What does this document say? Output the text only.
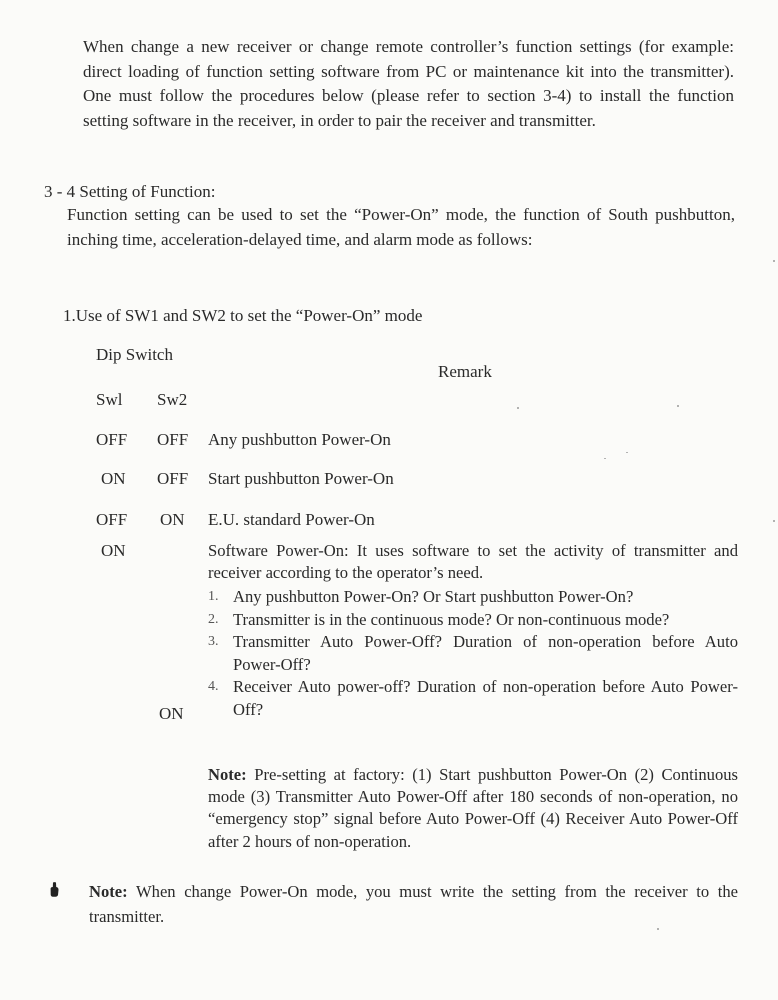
When change a new receiver or change remote controller’s function settings (for example: direct loading of function setting software from PC or maintenance kit into the transmitter). One must follow the procedures below (please refer to section 3-4) to install the function setting software in the receiver, in order to pair the receiver and transmitter.
3 - 4 Setting of Function:
Function setting can be used to set the “Power-On” mode, the function of South pushbutton, inching time, acceleration-delayed time, and alarm mode as follows:
1.Use of SW1 and SW2 to set the “Power-On” mode
Dip Switch
Remark
Swl Sw2
OFF OFF Any pushbutton Power-On
ON OFF Start pushbutton Power-On
OFF ON E.U. standard Power-On
ON
ON
Software Power-On: It uses software to set the activity of transmitter and receiver according to the operator’s need.
1. Any pushbutton Power-On? Or Start pushbutton Power-On?
2. Transmitter is in the continuous mode? Or non-continuous mode?
3. Transmitter Auto Power-Off? Duration of non-operation before Auto Power-Off?
4. Receiver Auto power-off? Duration of non-operation before Auto Power-Off?
Note: Pre-setting at factory: (1) Start pushbutton Power-On (2) Continuous mode (3) Transmitter Auto Power-Off after 180 seconds of non-operation, no “emergency stop” signal before Auto Power-Off (4) Receiver Auto Power-Off after 2 hours of non-operation.
Note: When change Power-On mode, you must write the setting from the receiver to the transmitter.
